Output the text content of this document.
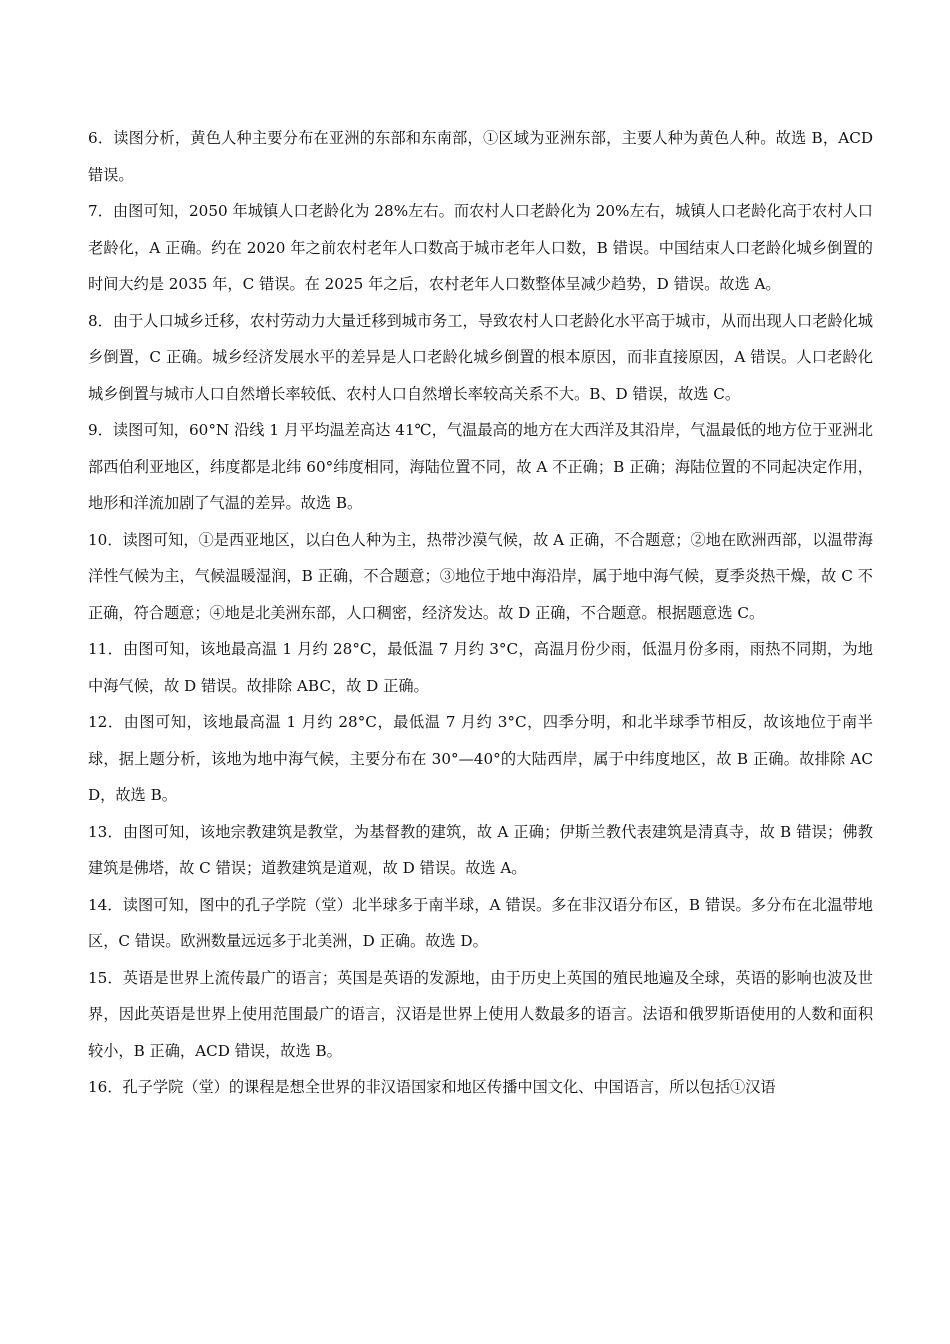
6．读图分析，黄色人种主要分布在亚洲的东部和东南部，①区域为亚洲东部，主要人种为黄色人种。故选 B，ACD 错误。

7．由图可知，2050 年城镇人口老龄化为 28%左右。而农村人口老龄化为 20%左右，城镇人口老龄化高于农村人口老龄化，A 正确。约在 2020 年之前农村老年人口数高于城市老年人口数，B 错误。中国结束人口老龄化城乡倒置的时间大约是 2035 年，C 错误。在 2025 年之后，农村老年人口数整体呈减少趋势，D 错误。故选 A。

8．由于人口城乡迁移，农村劳动力大量迁移到城市务工，导致农村人口老龄化水平高于城市，从而出现人口老龄化城乡倒置，C 正确。城乡经济发展水平的差异是人口老龄化城乡倒置的根本原因，而非直接原因，A 错误。人口老龄化城乡倒置与城市人口自然增长率较低、农村人口自然增长率较高关系不大。B、D 错误，故选 C。

9．读图可知，60°N 沿线 1 月平均温差高达 41℃，气温最高的地方在大西洋及其沿岸，气温最低的地方位于亚洲北部西伯利亚地区，纬度都是北纬 60°纬度相同，海陆位置不同，故 A 不正确；B 正确；海陆位置的不同起决定作用，地形和洋流加剧了气温的差异。故选 B。

10．读图可知，①是西亚地区，以白色人种为主，热带沙漠气候，故 A 正确，不合题意；②地在欧洲西部，以温带海洋性气候为主，气候温暖湿润，B 正确，不合题意；③地位于地中海沿岸，属于地中海气候，夏季炎热干燥，故 C 不正确，符合题意；④地是北美洲东部，人口稠密，经济发达。故 D 正确，不合题意。根据题意选 C。

11．由图可知，该地最高温 1 月约 28°C，最低温 7 月约 3°C，高温月份少雨，低温月份多雨，雨热不同期，为地中海气候，故 D 错误。故排除 ABC，故 D 正确。

12．由图可知，该地最高温 1 月约 28°C，最低温 7 月约 3°C，四季分明，和北半球季节相反，故该地位于南半球，据上题分析，该地为地中海气候，主要分布在 30°—40°的大陆西岸，属于中纬度地区，故 B 正确。故排除 ACD，故选 B。

13．由图可知，该地宗教建筑是教堂，为基督教的建筑，故 A 正确；伊斯兰教代表建筑是清真寺，故 B 错误；佛教建筑是佛塔，故 C 错误；道教建筑是道观，故 D 错误。故选 A。

14．读图可知，图中的孔子学院（堂）北半球多于南半球，A 错误。多在非汉语分布区，B 错误。多分布在北温带地区，C 错误。欧洲数量远远多于北美洲，D 正确。故选 D。

15．英语是世界上流传最广的语言；英国是英语的发源地，由于历史上英国的殖民地遍及全球，英语的影响也波及世界，因此英语是世界上使用范围最广的语言，汉语是世界上使用人数最多的语言。法语和俄罗斯语使用的人数和面积较小，B 正确，ACD 错误，故选 B。

16．孔子学院（堂）的课程是想全世界的非汉语国家和地区传播中国文化、中国语言，所以包括①汉语
